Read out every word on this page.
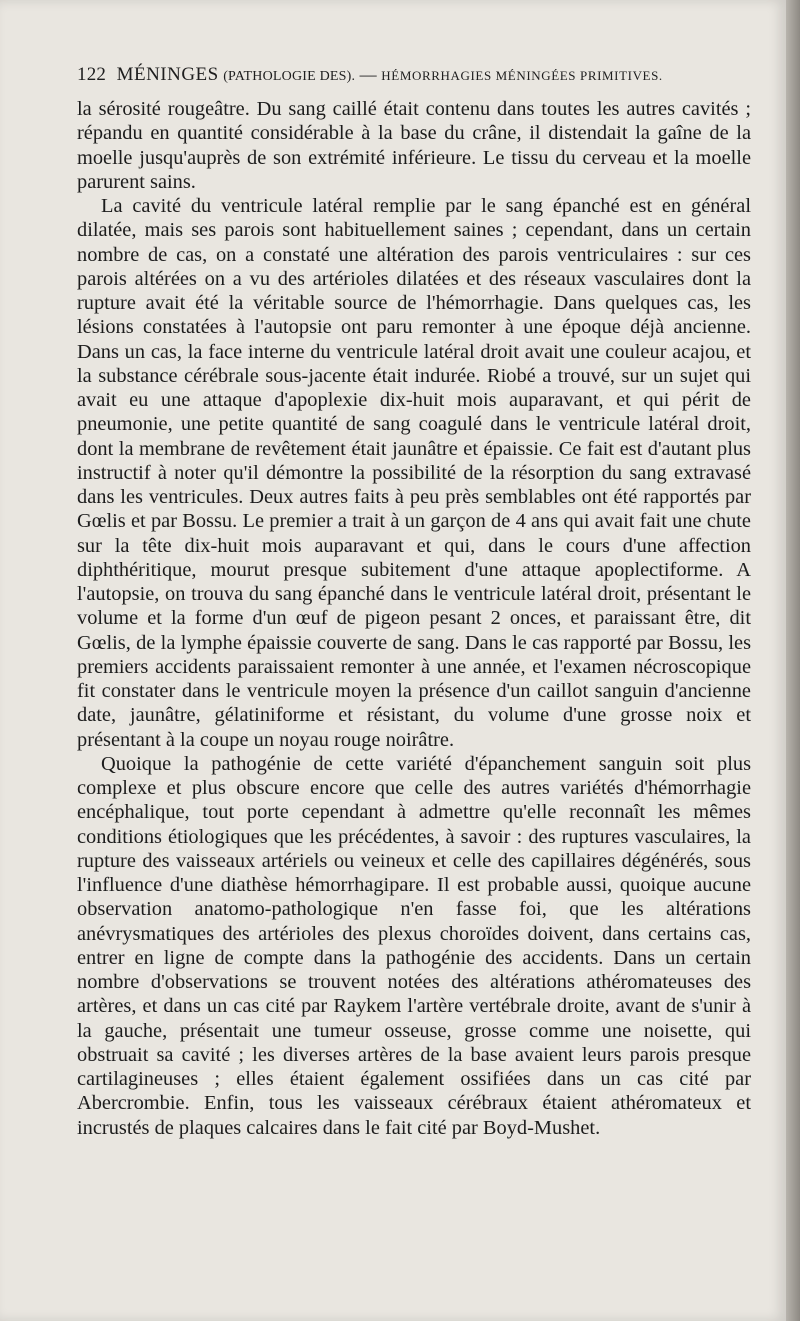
122 MÉNINGES (PATHOLOGIE DES). — HÉMORRHAGIES MÉNINGÉES PRIMITIVES.

la sérosité rougeâtre. Du sang caillé était contenu dans toutes les autres cavités ; répandu en quantité considérable à la base du crâne, il distendait la gaîne de la moelle jusqu'auprès de son extrémité inférieure. Le tissu du cerveau et la moelle parurent sains.

La cavité du ventricule latéral remplie par le sang épanché est en général dilatée, mais ses parois sont habituellement saines ; cependant, dans un certain nombre de cas, on a constaté une altération des parois ventriculaires : sur ces parois altérées on a vu des artérioles dilatées et des réseaux vasculaires dont la rupture avait été la véritable source de l'hémorrhagie. Dans quelques cas, les lésions constatées à l'autopsie ont paru remonter à une époque déjà ancienne. Dans un cas, la face interne du ventricule latéral droit avait une couleur acajou, et la substance cérébrale sous-jacente était indurée. Riobé a trouvé, sur un sujet qui avait eu une attaque d'apoplexie dix-huit mois auparavant, et qui périt de pneumonie, une petite quantité de sang coagulé dans le ventricule latéral droit, dont la membrane de revêtement était jaunâtre et épaissie. Ce fait est d'autant plus instructif à noter qu'il démontre la possibilité de la résorption du sang extravasé dans les ventricules. Deux autres faits à peu près semblables ont été rapportés par Gœlis et par Bossu. Le premier a trait à un garçon de 4 ans qui avait fait une chute sur la tête dix-huit mois auparavant et qui, dans le cours d'une affection diphthéritique, mourut presque subitement d'une attaque apoplectiforme. A l'autopsie, on trouva du sang épanché dans le ventricule latéral droit, présentant le volume et la forme d'un œuf de pigeon pesant 2 onces, et paraissant être, dit Gœlis, de la lymphe épaissie couverte de sang. Dans le cas rapporté par Bossu, les premiers accidents paraissaient remonter à une année, et l'examen nécroscopique fit constater dans le ventricule moyen la présence d'un caillot sanguin d'ancienne date, jaunâtre, gélatiniforme et résistant, du volume d'une grosse noix et présentant à la coupe un noyau rouge noirâtre.

Quoique la pathogénie de cette variété d'épanchement sanguin soit plus complexe et plus obscure encore que celle des autres variétés d'hémorrhagie encéphalique, tout porte cependant à admettre qu'elle reconnaît les mêmes conditions étiologiques que les précédentes, à savoir : des ruptures vasculaires, la rupture des vaisseaux artériels ou veineux et celle des capillaires dégénérés, sous l'influence d'une diathèse hémorrhagipare. Il est probable aussi, quoique aucune observation anatomo-pathologique n'en fasse foi, que les altérations anévrysmatiques des artérioles des plexus choroïdes doivent, dans certains cas, entrer en ligne de compte dans la pathogénie des accidents. Dans un certain nombre d'observations se trouvent notées des altérations athéromateuses des artères, et dans un cas cité par Raykem l'artère vertébrale droite, avant de s'unir à la gauche, présentait une tumeur osseuse, grosse comme une noisette, qui obstruait sa cavité ; les diverses artères de la base avaient leurs parois presque cartilagineuses ; elles étaient également ossifiées dans un cas cité par Abercrombie. Enfin, tous les vaisseaux cérébraux étaient athéromateux et incrustés de plaques calcaires dans le fait cité par Boyd-Mushet.
